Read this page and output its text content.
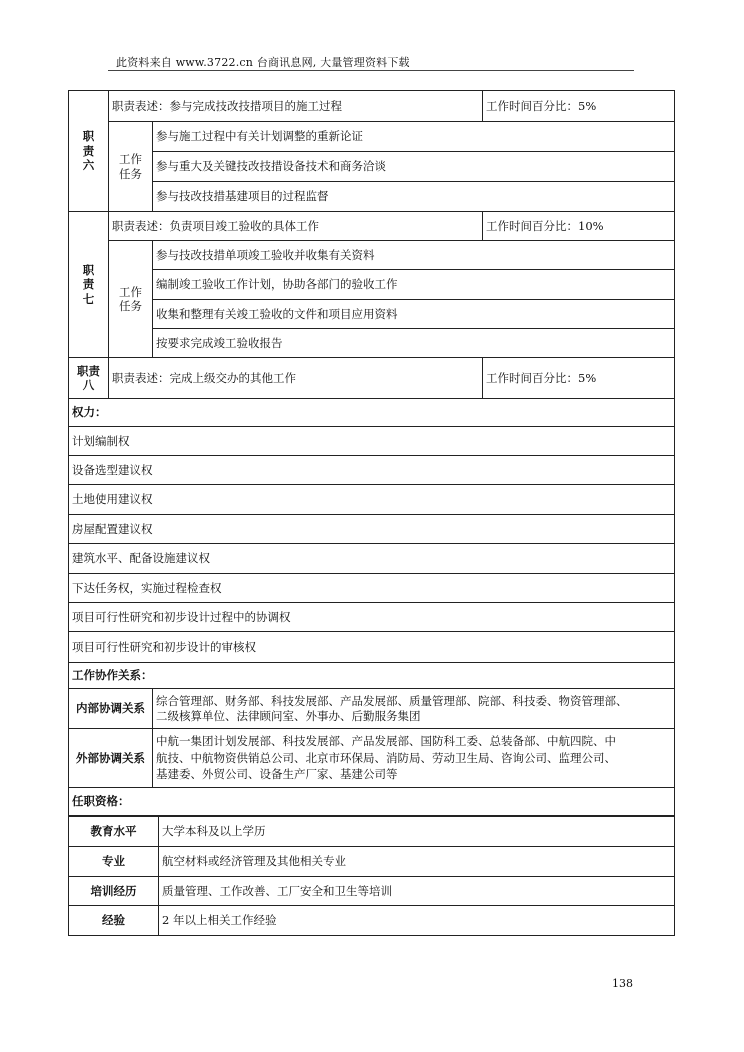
此资料来自 www.3722.cn 台商讯息网, 大量管理资料下载
职
责
六	职责表述：参与完成技改技措项目的施工过程		工作时间百分比：5%

	工作
任务	参与施工过程中有关计划调整的重新论证	
		参与重大及关键技改技措设备技术和商务洽谈	
		参与技改技措基建项目的过程监督	

职
责
七	职责表述：负责项目竣工验收的具体工作		工作时间百分比：10%

	工作
任务	参与技改技措单项竣工验收并收集有关资料	
		编制竣工验收工作计划，协助各部门的验收工作	
		收集和整理有关竣工验收的文件和项目应用资料	
		按要求完成竣工验收报告	

职责
八	职责表述：完成上级交办的其他工作		工作时间百分比：5%
权力：			
计划编制权			
设备选型建议权			
土地使用建议权			
房屋配置建议权			
建筑水平、配备设施建议权			
下达任务权，实施过程检查权			
项目可行性研究和初步设计过程中的协调权			
项目可行性研究和初步设计的审核权			
工作协作关系：			
内部协调关系		综合管理部、财务部、科技发展部、产品发展部、质量管理部、院部、科技委、物资管理部、
二级核算单位、法律顾问室、外事办、后勤服务集团	

外部协调关系		中航一集团计划发展部、科技发展部、产品发展部、国防科工委、总装备部、中航四院、中
航技、中航物资供销总公司、北京市环保局、消防局、劳动卫生局、咨询公司、监理公司、
基建委、外贸公司、设备生产厂家、基建公司等	

任职资格：			
教育水平	大学本科及以上学历
专业	航空材料或经济管理及其他相关专业
培训经历	质量管理、工作改善、工厂安全和卫生等培训
经验	2 年以上相关工作经验
138
